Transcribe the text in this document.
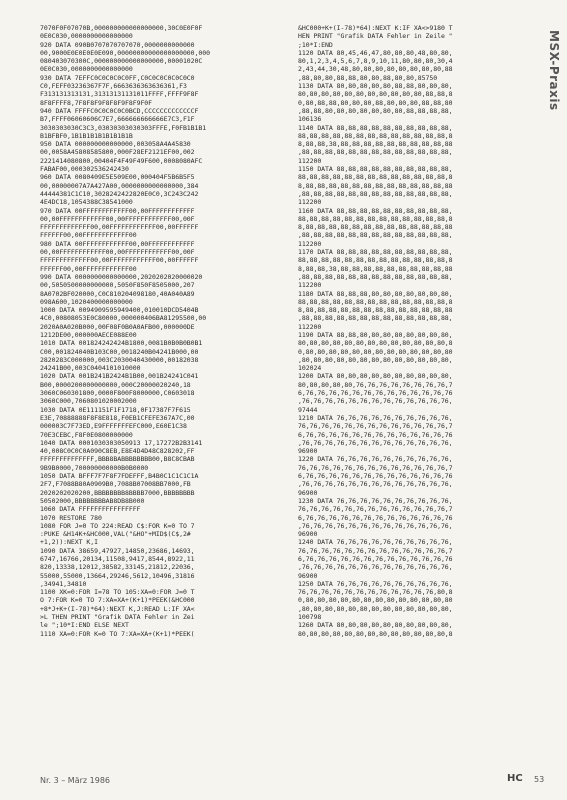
7070F0F07070B,000000000000000000,30C0E0F0F
0E0C030,0000000000000000
920 DATA 090B0707070707070,0000000000000
00,9000E0E0E0E0E090,00000000000000000000,000
080403070300C,000000000000000000,00001020C
0E0C030,0000000000000000
930 DATA 7EFFC0C0C0C0C0FF,C0C0C0C0C0C0C0
C0,FEFF03236367F7F,6663636363636361,F3
F313131313131,31313131131011FFFF,FFFF9F8F
8F8FFFF8,7F8F8F9F8F8F9F8F9F0F
940 DATA FFFFC0C0C0C0C0BCD,CCCCCCCCCCCCCF
B7,FFFF06060606C7E7,666666666666E7C3,F1F
3030303030C3C3,03030303030303FFFE,F0FB1B1B1
B1BFBF0,1B1B1B1B1B1B1B1B
950 DATA 000000000000000,003058A4A45830
00,0058A45808585800,000F28EF2121EF00,002
2221414080800,00404F4F49F49F600,0008080AFC
FABAF00,000302536242430
960 DATA 0080409E5E509E00,000404F5B6B5F5
00,00000007A7A427A00,0000000000000000,384
44444381C1C10,3028242422820E0C0,3C243C242
4E4DC18,1054388C38541000
970 DATA 00FFFFFFFFFFFF00,00FFFFFFFFFFFF
00,00FFFFFFFFFFFF00,00FFFFFFFFFFFF00,00F
FFFFFFFFFFFFF00,00FFFFFFFFFFFF00,00FFFFFF
FFFFFF00,00FFFFFFFFFFFF00
980 DATA 00FFFFFFFFFFFF00,00FFFFFFFFFFFF
00,00FFFFFFFFFFFF00,00FFFFFFFFFFFF00,00F
FFFFFFFFFFFFF00,00FFFFFFFFFFFF00,00FFFFFF
FFFFFF00,00FFFFFFFFFFFF00
990 DATA 0000000000000000,2020202020000020
00,5050500000000000,5050F850F8505000,207
8A0702BF020000,C0C810204098180,40A040A89
098A600,1020400000000000
1000 DATA 0094909595949400,010010DCD5404B
4C0,00808053E0C80000,000000406BA81295500,00
2020A0A020B000,00F08F0B0A0AFB00,000000DE
1212DE00,000000AECE088E00
1010 DATA 001824242424B1800,0081B0B0B0B0B1
C00,001824040B103C00,0018240B04241B000,00
2820283C000000,003C2030040430000,00182038
24241B00,003C0404101010000
1020 DATA 001B241B2424B1B00,001B24241C041
B00,0000200000000000,000C20000020240,18
3060C060301800,0000F800F8000000,C0603018
3060C000,7060801020002000
1030 DATA 0E111151F1F1718,0F17387F7F615
E3E,70888888F8F8E818,F0EB1CFEFE367A7C,00
000003C7F73ED,E9FFFFFFFEFC000,E60E1C38
70E3CEBC,F8F0E0800000000
1040 DATA 0001030303050913 17,17272B2B3141
40,008C0C0C0A090C8EB,E8E4D4D48C828202,FF
FFFFFFFFFFFFFF,BBB8BABBBBBBBB00,B8C8CBAB
9B9B0000,700000000000B0B0000
1050 DATA BFFF7F7F8F7FDEFFF,B4B0C1C1C1C1A
2F7,F7088B80A0909B0,7088B07008BB7000,FB
2020202020200,BBBBBBBB8BBBB7000,BBBBBBBB
50502000,BBBBBBBBAB8DB8B000
1060 DATA FFFFFFFFFFFFFFFF
1070 RESTORE 780
1080 FOR J=0 TO 224:READ C$:FOR K=0 TO 7
:PUKE &H14K+&HC000,VAL("&HO"+MID$(C$,2#
+1,2)):NEXT K,I
1090 DATA 38659,47927,14850,23686,14693,
6747,16766,20134,11508,9417,8544,8922,11
820,13338,12012,38582,33145,21812,22036,
55000,55000,13664,29246,5612,10496,31816
,34941,34810
1100 XK=0:FOR I=78 TO 105:XA=0:FOR J=0 T
O 7:FOR K=0 TO 7:XA=XA+(K+1)*PEEK(&HC000
+8*J+K+(I-78)*64):NEXT K,J:READ L:IF XA<
>L THEN PRINT "Grafik DATA Fehler in Zei
le ";10*I:END ELSE NEXT
1110 XA=0:FOR K=0 TO 7:XA=XA+(K+1)*PEEK(
&HC000+K+(I-78)*64):NEXT K:IF XA<>9180 T
HEN PRINT "Grafik DATA Fehler in Zeile "
;10*I:END
1120 DATA 80,45,46,47,80,80,80,48,80,80,
80,1,2,3,4,5,6,7,8,9,10,11,80,80,80,30,4
2,43,44,30,48,80,80,80,80,80,80,80,80,88
,88,80,80,88,88,80,80,88,80,80,85750
1130 DATA 80,80,80,80,80,88,88,80,80,80,
80,80,80,80,80,80,80,80,80,80,80,88,88,8
0,80,88,88,80,80,80,88,80,80,80,88,88,80
,88,88,80,80,80,80,80,80,80,88,88,88,88,
106136
1140 DATA 88,88,88,88,88,88,88,88,88,88,
88,88,88,88,88,88,88,88,88,88,88,88,88,8
8,88,88,38,88,88,88,88,88,88,88,88,88,88
,88,88,88,88,88,88,88,88,88,88,88,88,88,
112200
1150 DATA 88,88,88,88,88,88,88,88,88,88,
88,88,88,88,88,88,88,88,88,88,88,88,88,8
8,88,88,88,88,88,88,88,88,88,88,88,88,88
,88,88,88,88,88,88,88,88,88,88,88,88,88,
112200
1160 DATA 88,88,88,88,88,88,88,88,88,88,
88,88,88,88,88,88,88,88,88,88,88,88,88,8
8,88,88,88,88,88,88,88,88,88,88,88,88,88
,88,88,88,88,88,88,88,88,88,88,88,88,88,
112200
1170 DATA 88,88,88,88,88,88,88,88,88,88,
88,88,88,88,88,88,88,88,88,88,88,88,88,8
8,88,88,38,88,88,88,88,88,88,88,88,88,88
,88,88,88,88,88,88,88,88,88,88,88,88,88,
112200
1180 DATA 88,88,88,80,80,80,80,80,80,80,
88,88,88,88,88,88,88,88,88,88,88,88,88,8
8,88,88,88,88,88,88,88,88,88,88,88,88,88
,88,88,88,88,88,88,88,88,88,88,88,88,88,
112200
1190 DATA 88,88,80,80,80,80,80,80,80,80,
80,80,80,80,80,80,80,80,80,80,80,80,80,8
0,80,80,80,80,80,80,80,80,80,80,80,80,80
,80,80,80,80,80,80,80,80,80,80,80,80,80,
102024
1200 DATA 80,80,80,80,80,80,80,80,80,80,
80,80,80,80,80,76,76,76,76,76,76,76,76,7
6,76,76,76,76,76,76,76,76,76,76,76,76,76
,76,76,76,76,76,76,76,76,76,76,76,76,76,
97444
1210 DATA 76,76,76,76,76,76,76,76,76,76,
76,76,76,76,76,76,76,76,76,76,76,76,76,7
6,76,76,76,76,76,76,76,76,76,76,76,76,76
,76,76,76,76,76,76,76,76,76,76,76,76,76,
96900
1220 DATA 76,76,76,76,76,76,76,76,76,76,
76,76,76,76,76,76,76,76,76,76,76,76,76,7
6,76,76,76,76,76,76,76,76,76,76,76,76,76
,76,76,76,76,76,76,76,76,76,76,76,76,76,
96900
1230 DATA 76,76,76,76,76,76,76,76,76,76,
76,76,76,76,76,76,76,76,76,76,76,76,76,7
6,76,76,76,76,76,76,76,76,76,76,76,76,76
,76,76,76,76,76,76,76,76,76,76,76,76,76,
96900
1240 DATA 76,76,76,76,76,76,76,76,76,76,
76,76,76,76,76,76,76,76,76,76,76,76,76,7
6,76,76,76,76,76,76,76,76,76,76,76,76,76
,76,76,76,76,76,76,76,76,76,76,76,76,76,
96900
1250 DATA 76,76,76,76,76,76,76,76,76,76,
76,76,76,76,76,76,76,76,76,76,76,76,80,8
0,80,80,80,80,80,80,80,80,80,80,80,80,80
,80,80,80,80,80,80,80,80,80,80,80,80,80,
100798
1260 DATA 80,80,80,80,80,80,80,80,80,80,
80,80,80,80,80,80,80,80,80,80,80,80,80,8
MSX-Praxis
Nr. 3 – März 1986	HC 53
